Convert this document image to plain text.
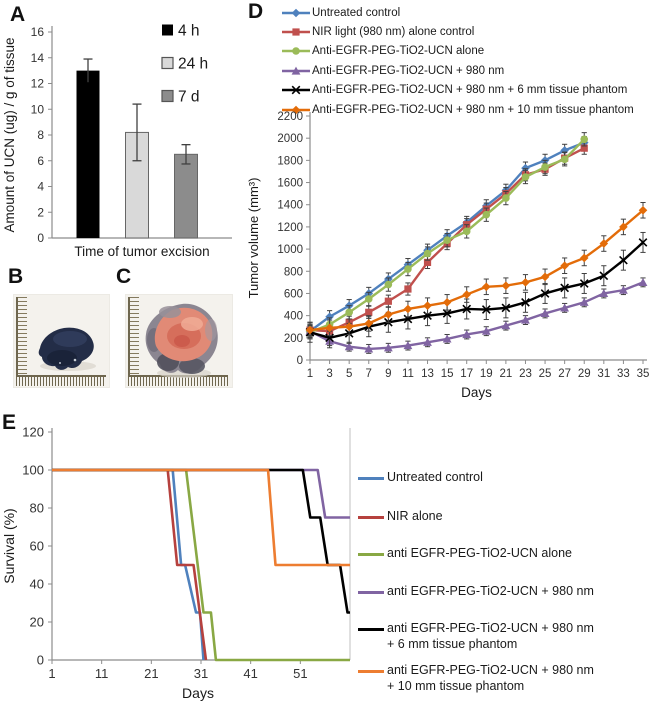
A
0
2
4
6
8
10
12
14
16
Time of tumor excision
Amount of UCN (ug) / g of tissue
4 h
24 h
7 d
B	C
D	Untreated control
NIR light (980 nm) alone control
Anti-EGFR-PEG-TiO2-UCN alone
Anti-EGFR-PEG-TiO2-UCN + 980 nm
Anti-EGFR-PEG-TiO2-UCN + 980 nm + 6 mm tissue phantom
Anti-EGFR-PEG-TiO2-UCN + 980 nm + 10 mm tissue phantom
0
200
400
600
800
1000
1200
1400
1600
1800
2000
2200
1 3 5 7 9 11 13 15 17 19 21 23 25 27 29 31 33 35
Days
Tumor volume (mm³)
E
0
20
40
60
80
100
120
1	11	21	31	41	51
Days
Survival (%)
Untreated control
NIR alone
anti EGFR-PEG-TiO2-UCN alone
anti EGFR-PEG-TiO2-UCN + 980 nm
anti EGFR-PEG-TiO2-UCN + 980 nm
+ 6 mm tissue phantom
anti EGFR-PEG-TiO2-UCN + 980 nm
+ 10 mm tissue phantom
